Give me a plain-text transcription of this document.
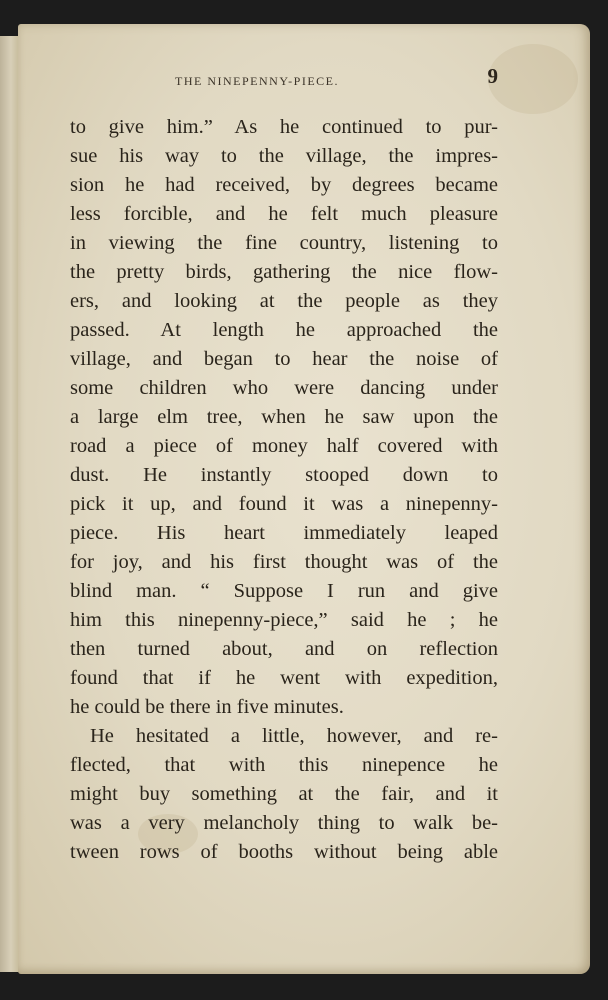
THE NINEPENNY-PIECE.	9

to give him.” As he continued to pur-
sue his way to the village, the impres-
sion he had received, by degrees became
less forcible, and he felt much pleasure
in viewing the fine country, listening to
the pretty birds, gathering the nice flow-
ers, and looking at the people as they
passed. At length he approached the
village, and began to hear the noise of
some children who were dancing under
a large elm tree, when he saw upon the
road a piece of money half covered with
dust. He instantly stooped down to
pick it up, and found it was a ninepenny-
piece. His heart immediately leaped
for joy, and his first thought was of the
blind man. “ Suppose I run and give
him this ninepenny-piece,” said he ; he
then turned about, and on reflection
found that if he went with expedition,
he could be there in five minutes.

He hesitated a little, however, and re-
flected, that with this ninepence he
might buy something at the fair, and it
was a very melancholy thing to walk be-
tween rows of booths without being able
